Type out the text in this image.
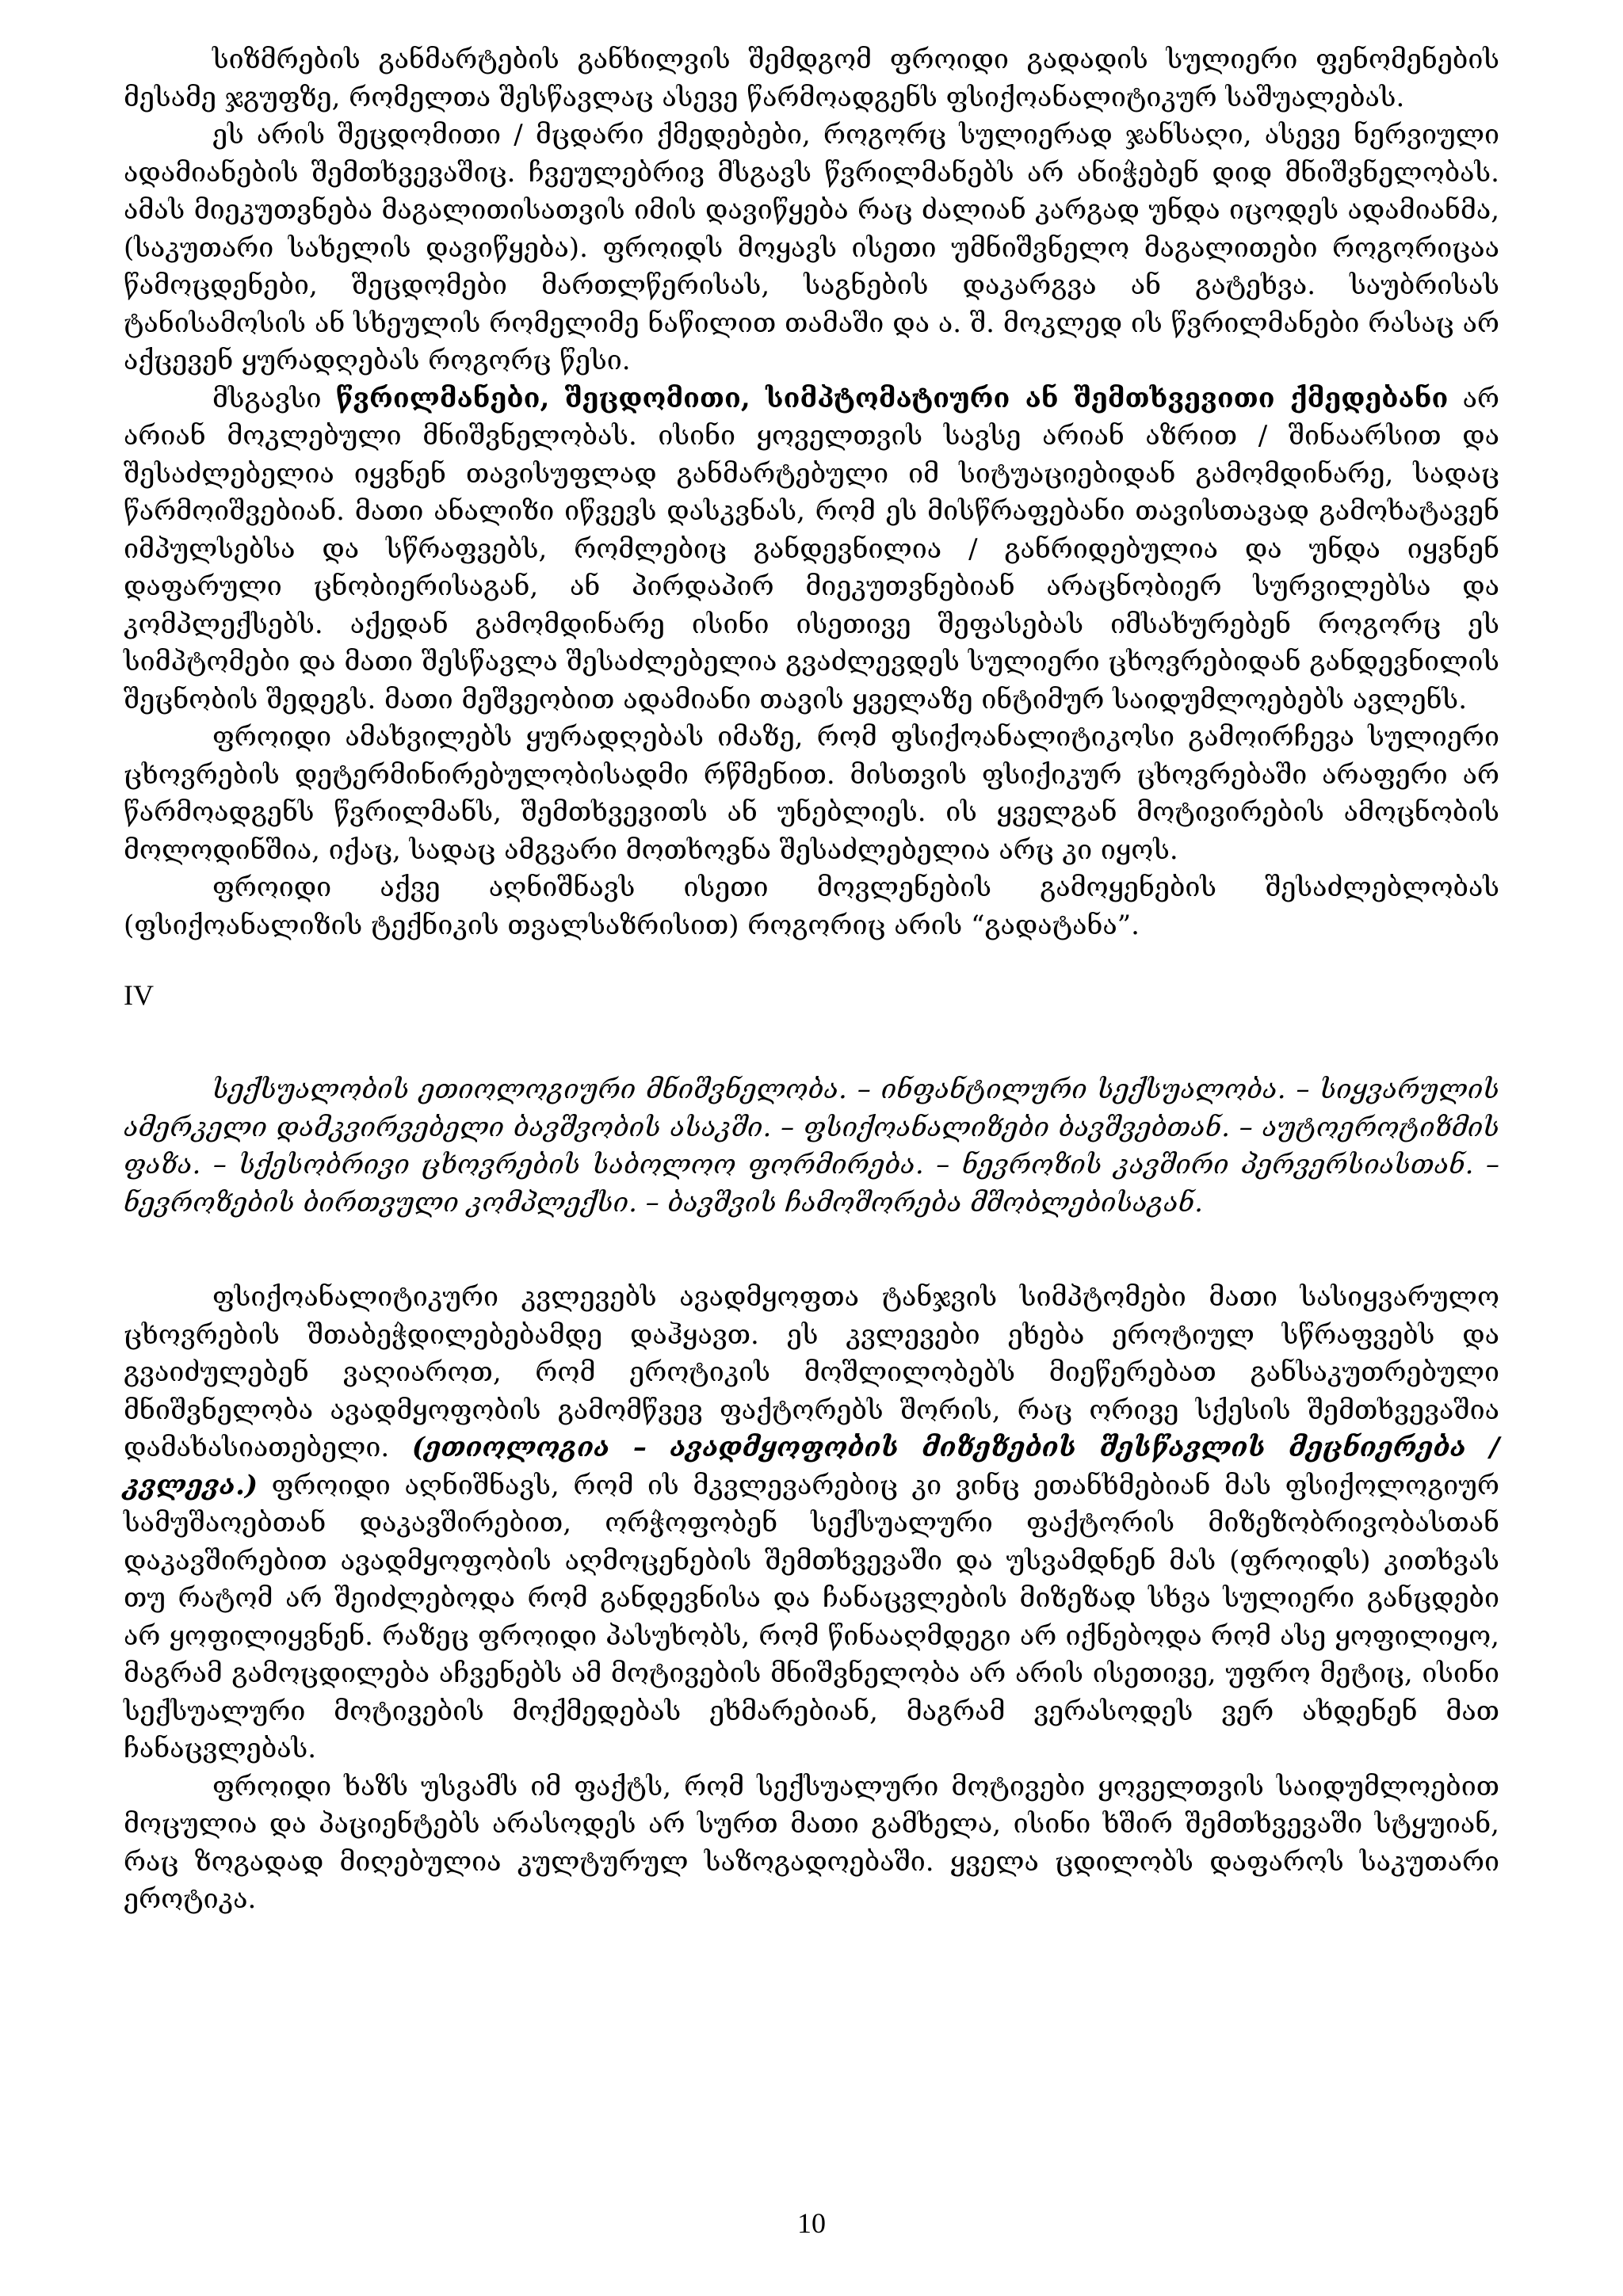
სიზმრების განმარტების განხილვის შემდგომ ფროიდი გადადის სულიერი ფენომენების მესამე ჯგუფზე, რომელთა შესწავლაც ასევე წარმოადგენს ფსიქოანალიტიკურ საშუალებას.

ეს არის შეცდომითი / მცდარი ქმედებები, როგორც სულიერად ჯანსაღი, ასევე ნერვიული ადამიანების შემთხვევაშიც. ჩვეულებრივ მსგავს წვრილმანებს არ ანიჭებენ დიდ მნიშვნელობას. ამას მიეკუთვნება მაგალითისათვის იმის დავიწყება რაც ძალიან კარგად უნდა იცოდეს ადამიანმა, (საკუთარი სახელის დავიწყება). ფროიდს მოყავს ისეთი უმნიშვნელო მაგალითები როგორიცაა წამოცდენები, შეცდომები მართლწერისას, საგნების დაკარგვა ან გატეხვა. საუბრისას ტანისამოსის ან სხეულის რომელიმე ნაწილით თამაში და ა. შ. მოკლედ ის წვრილმანები რასაც არ აქცევენ ყურადღებას როგორც წესი.

მსგავსი წვრილმანები, შეცდომითი, სიმპტომატიური ან შემთხვევითი ქმედებანი არ არიან მოკლებული მნიშვნელობას. ისინი ყოველთვის სავსე არიან აზრით / შინაარსით და შესაძლებელია იყვნენ თავისუფლად განმარტებული იმ სიტუაციებიდან გამომდინარე, სადაც წარმოიშვებიან. მათი ანალიზი იწვევს დასკვნას, რომ ეს მისწრაფებანი თავისთავად გამოხატავენ იმპულსებსა და სწრაფვებს, რომლებიც განდევნილია / განრიდებულია და უნდა იყვნენ დაფარული ცნობიერისაგან, ან პირდაპირ მიეკუთვნებიან არაცნობიერ სურვილებსა და კომპლექსებს. აქედან გამომდინარე ისინი ისეთივე შეფასებას იმსახურებენ როგორც ეს სიმპტომები და მათი შესწავლა შესაძლებელია გვაძლევდეს სულიერი ცხოვრებიდან განდევნილის შეცნობის შედეგს. მათი მეშვეობით ადამიანი თავის ყველაზე ინტიმურ საიდუმლოებებს ავლენს.

ფროიდი ამახვილებს ყურადღებას იმაზე, რომ ფსიქოანალიტიკოსი გამოირჩევა სულიერი ცხოვრების დეტერმინირებულობისადმი რწმენით. მისთვის ფსიქიკურ ცხოვრებაში არაფერი არ წარმოადგენს წვრილმანს, შემთხვევითს ან უნებლიეს. ის ყველგან მოტივირების ამოცნობის მოლოდინშია, იქაც, სადაც ამგვარი მოთხოვნა შესაძლებელია არც კი იყოს.

ფროიდი აქვე აღნიშნავს ისეთი მოვლენების გამოყენების შესაძლებლობას (ფსიქოანალიზის ტექნიკის თვალსაზრისით) როგორიც არის “გადატანა”.

IV

სექსუალობის ეთიოლოგიური მნიშვნელობა. – ინფანტილური სექსუალობა. – სიყვარულის ამერკელი დამკვირვებელი ბავშვობის ასაკში. – ფსიქოანალიზები ბავშვებთან. – აუტოეროტიზმის ფაზა. – სქესობრივი ცხოვრების საბოლოო ფორმირება. – ნევროზის კავშირი პერვერსიასთან. – ნევროზების ბირთვული კომპლექსი. – ბავშვის ჩამოშორება მშობლებისაგან.

ფსიქოანალიტიკური კვლევებს ავადმყოფთა ტანჯვის სიმპტომები მათი სასიყვარულო ცხოვრების შთაბეჭდილებებამდე დაჰყავთ. ეს კვლევები ეხება ეროტიულ სწრაფვებს და გვაიძულებენ ვაღიაროთ, რომ ეროტიკის მოშლილობებს მიეწერებათ განსაკუთრებული მნიშვნელობა ავადმყოფობის გამომწვევ ფაქტორებს შორის, რაც ორივე სქესის შემთხვევაშია დამახასიათებელი. (ეთიოლოგია – ავადმყოფობის მიზეზების შესწავლის მეცნიერება / კვლევა.) ფროიდი აღნიშნავს, რომ ის მკვლევარებიც კი ვინც ეთანხმებიან მას ფსიქოლოგიურ სამუშაოებთან დაკავშირებით, ორჭოფობენ სექსუალური ფაქტორის მიზეზობრივობასთან დაკავშირებით ავადმყოფობის აღმოცენების შემთხვევაში და უსვამდნენ მას (ფროიდს) კითხვას თუ რატომ არ შეიძლებოდა რომ განდევნისა და ჩანაცვლების მიზეზად სხვა სულიერი განცდები არ ყოფილიყვნენ. რაზეც ფროიდი პასუხობს, რომ წინააღმდეგი არ იქნებოდა რომ ასე ყოფილიყო, მაგრამ გამოცდილება აჩვენებს ამ მოტივების მნიშვნელობა არ არის ისეთივე, უფრო მეტიც, ისინი სექსუალური მოტივების მოქმედებას ეხმარებიან, მაგრამ ვერასოდეს ვერ ახდენენ მათ ჩანაცვლებას.

ფროიდი ხაზს უსვამს იმ ფაქტს, რომ სექსუალური მოტივები ყოველთვის საიდუმლოებით მოცულია და პაციენტებს არასოდეს არ სურთ მათი გამხელა, ისინი ხშირ შემთხვევაში სტყუიან, რაც ზოგადად მიღებულია კულტურულ საზოგადოებაში. ყველა ცდილობს დაფაროს საკუთარი ეროტიკა.

10
